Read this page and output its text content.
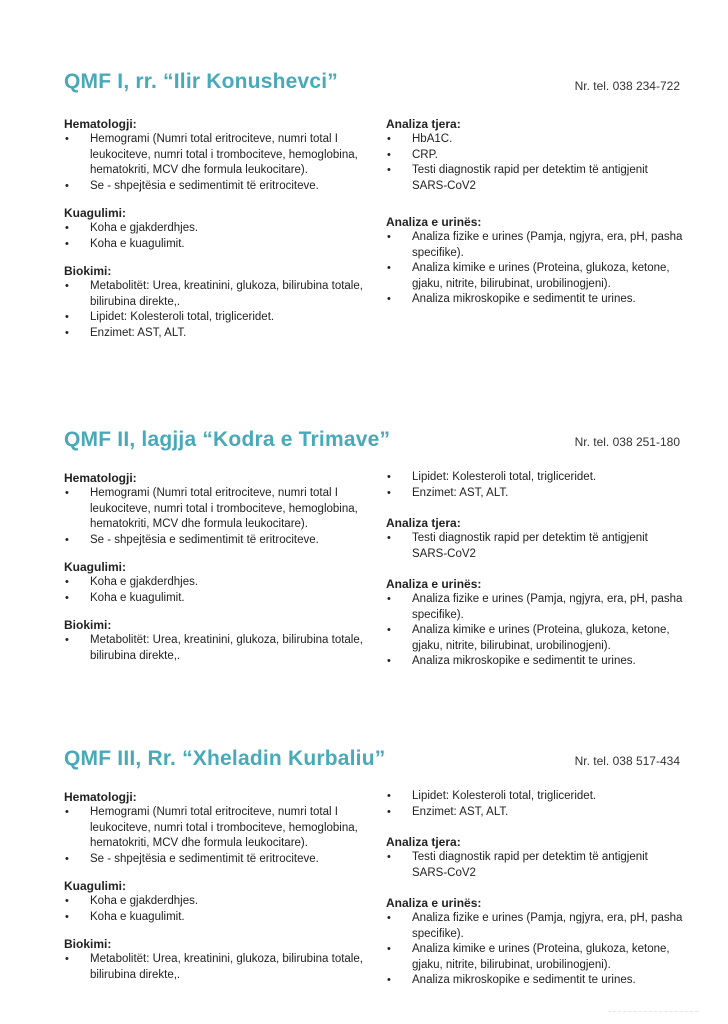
QMF I, rr. “Ilir Konushevci”	Nr. tel. 038 234-722
Hematologji:
• Hemogrami (Numri total eritrociteve, numri total I leukociteve, numri total i trombociteve, hemoglobina, hematokriti, MCV dhe formula leukocitare).
• Se - shpejtësia e sedimentimit të eritrociteve.
Kuagulimi:
• Koha e gjakderdhjes.
• Koha e kuagulimit.
Biokimi:
• Metabolitët: Urea, kreatinini, glukoza, bilirubina totale, bilirubina direkte,.
• Lipidet: Kolesteroli total, trigliceridet.
• Enzimet: AST, ALT.
Analiza tjera:
• HbA1C.
• CRP.
• Testi diagnostik rapid per detektim të antigjenit SARS-CoV2
Analiza e urinës:
• Analiza fizike e urines (Pamja, ngjyra, era, pH, pasha specifike).
• Analiza kimike e urines (Proteina, glukoza, ketone, gjaku, nitrite, bilirubinat, urobilinogjeni).
• Analiza mikroskopike e sedimentit te urines.
QMF II, lagjja “Kodra e Trimave”	Nr. tel. 038 251-180
Hematologji:
• Hemogrami (Numri total eritrociteve, numri total I leukociteve, numri total i trombociteve, hemoglobina, hematokriti, MCV dhe formula leukocitare).
• Se - shpejtësia e sedimentimit të eritrociteve.
Kuagulimi:
• Koha e gjakderdhjes.
• Koha e kuagulimit.
Biokimi:
• Metabolitët: Urea, kreatinini, glukoza, bilirubina totale, bilirubina direkte,.
• Lipidet: Kolesteroli total, trigliceridet.
• Enzimet: AST, ALT.
Analiza tjera:
• Testi diagnostik rapid per detektim të antigjenit SARS-CoV2
Analiza e urinës:
• Analiza fizike e urines (Pamja, ngjyra, era, pH, pasha specifike).
• Analiza kimike e urines (Proteina, glukoza, ketone, gjaku, nitrite, bilirubinat, urobilinogjeni).
• Analiza mikroskopike e sedimentit te urines.
QMF III, Rr. “Xheladin Kurbaliu”	Nr. tel. 038 517-434
Hematologji:
• Hemogrami (Numri total eritrociteve, numri total I leukociteve, numri total i trombociteve, hemoglobina, hematokriti, MCV dhe formula leukocitare).
• Se - shpejtësia e sedimentimit të eritrociteve.
Kuagulimi:
• Koha e gjakderdhjes.
• Koha e kuagulimit.
Biokimi:
• Metabolitët: Urea, kreatinini, glukoza, bilirubina totale, bilirubina direkte,.
• Lipidet: Kolesteroli total, trigliceridet.
• Enzimet: AST, ALT.
Analiza tjera:
• Testi diagnostik rapid per detektim të antigjenit SARS-CoV2
Analiza e urinës:
• Analiza fizike e urines (Pamja, ngjyra, era, pH, pasha specifike).
• Analiza kimike e urines (Proteina, glukoza, ketone, gjaku, nitrite, bilirubinat, urobilinogjeni).
• Analiza mikroskopike e sedimentit te urines.
